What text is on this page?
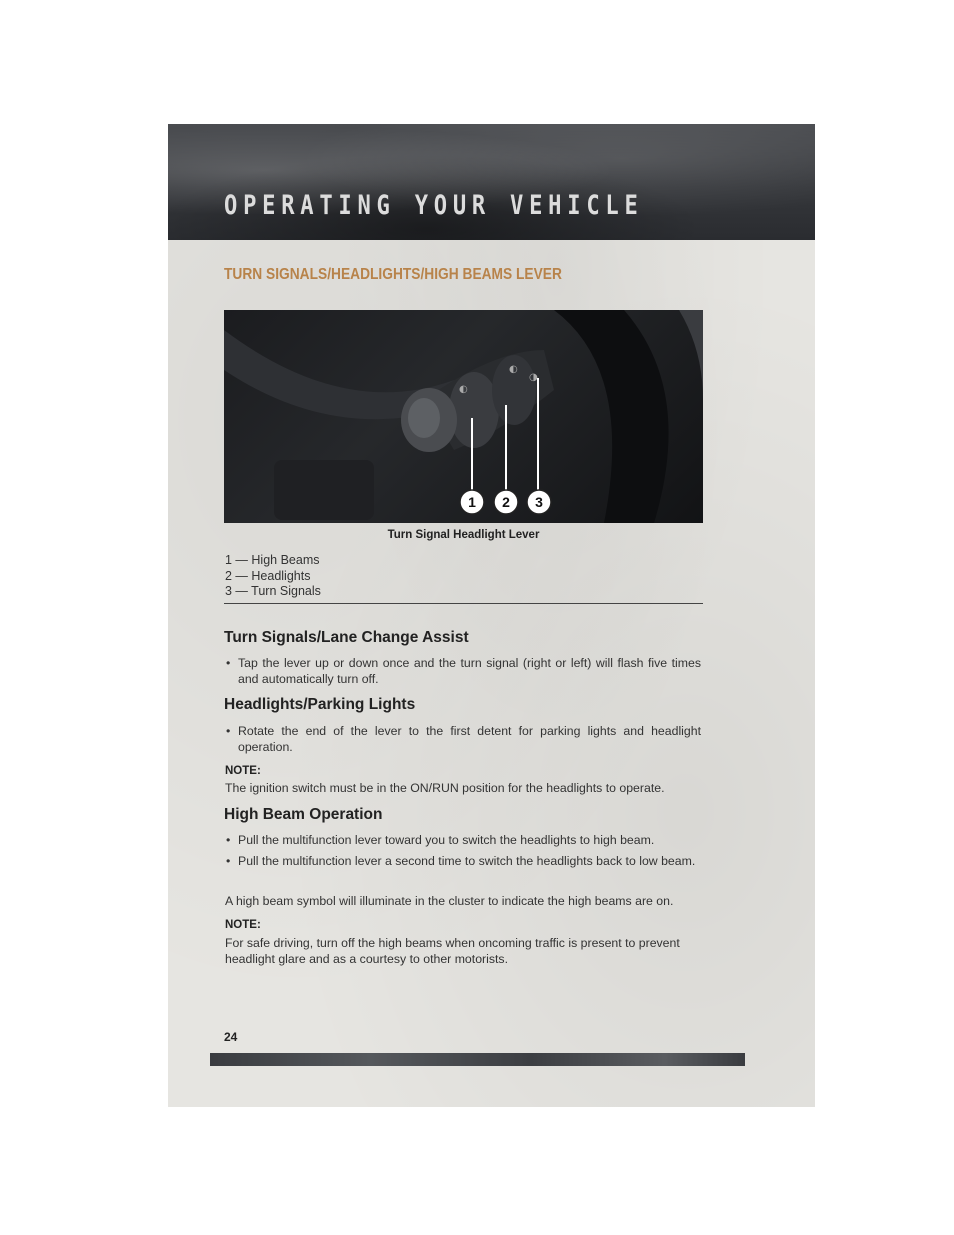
OPERATING YOUR VEHICLE
TURN SIGNALS/HEADLIGHTS/HIGH BEAMS LEVER
◐
◐
◑
1 2 3
Turn Signal Headlight Lever
1 — High Beams
2 — Headlights
3 — Turn Signals
Turn Signals/Lane Change Assist
• Tap the lever up or down once and the turn signal (right or left) will flash five times and automatically turn off.
Headlights/Parking Lights
• Rotate the end of the lever to the first detent for parking lights and headlight operation.
NOTE:
The ignition switch must be in the ON/RUN position for the headlights to operate.
High Beam Operation
• Pull the multifunction lever toward you to switch the headlights to high beam.
• Pull the multifunction lever a second time to switch the headlights back to low beam.
A high beam symbol will illuminate in the cluster to indicate the high beams are on.
NOTE:
For safe driving, turn off the high beams when oncoming traffic is present to prevent headlight glare and as a courtesy to other motorists.
24
